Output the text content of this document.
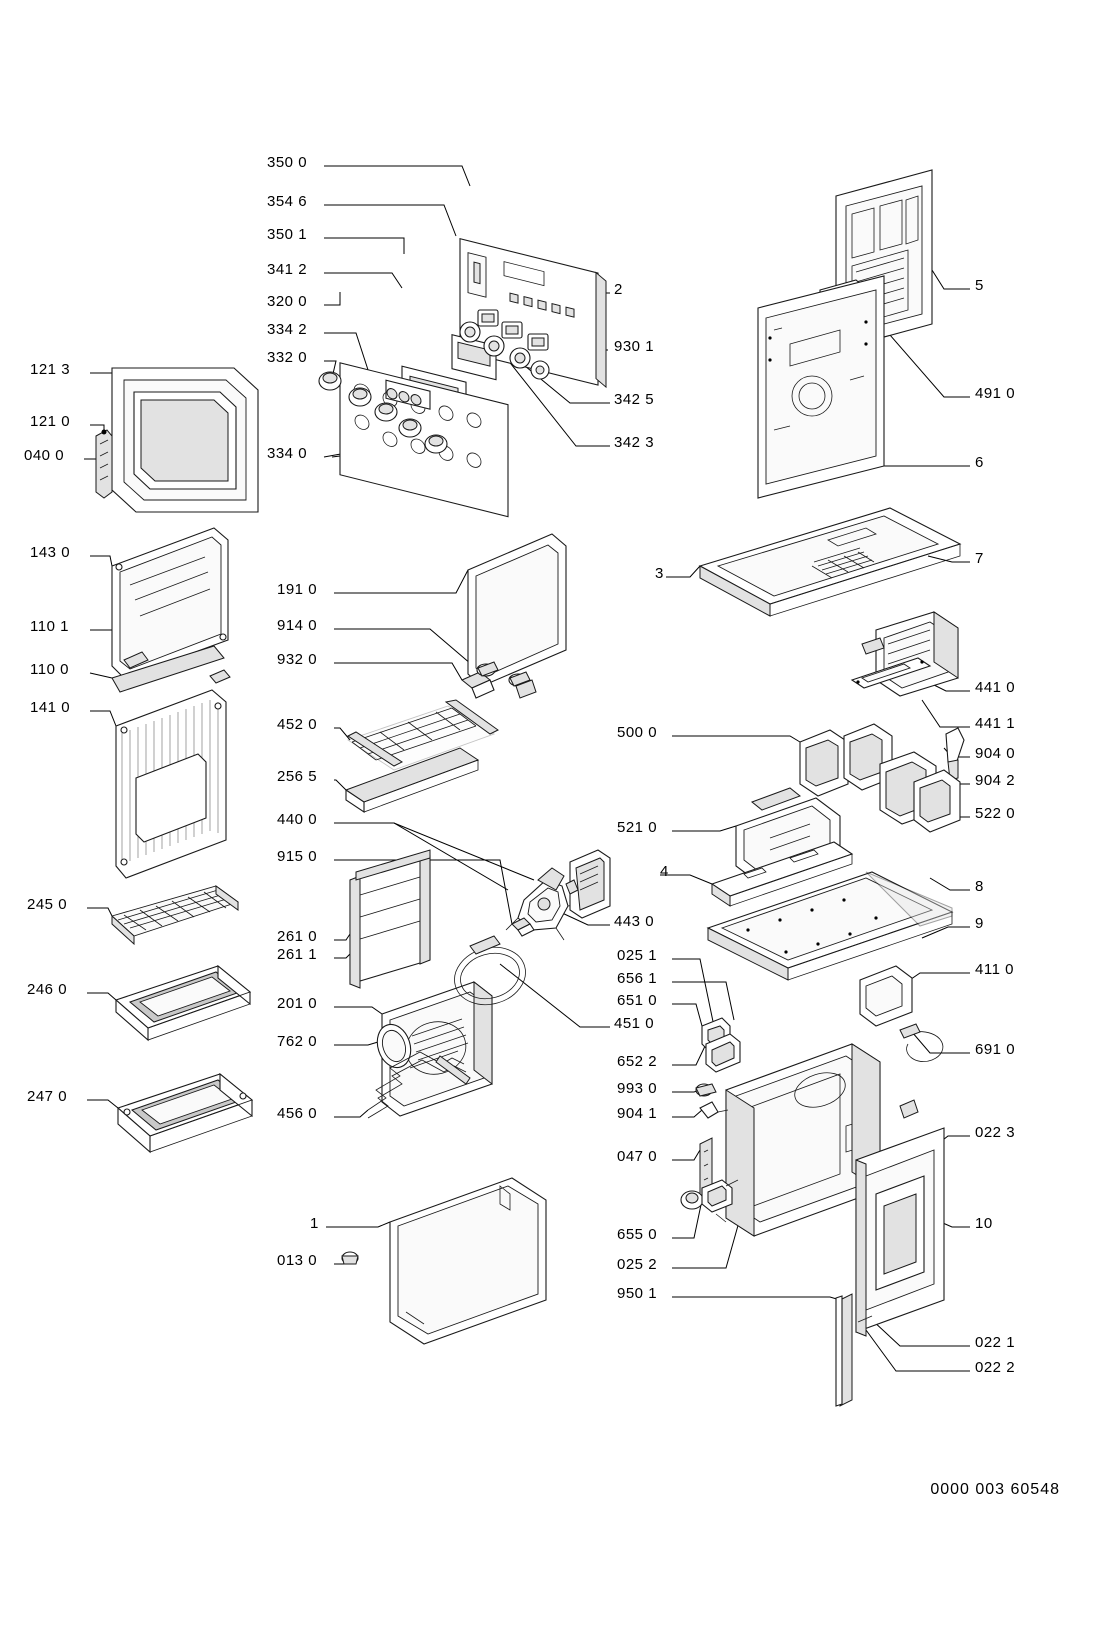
121 3
121 0
040 0
143 0
110 1
110 0
141 0
245 0
246 0
247 0
350 0
354 6
350 1
341 2
320 0
334 2
332 0
334 0
2
930 1
342 5
342 3
191 0
914 0
932 0
452 0
256 5
440 0
915 0
261 0
261 1
201 0
762 0
456 0
443 0
451 0
1
013 0
500 0
521 0
4
025 1
656 1
651 0
652 2
993 0
904 1
047 0
655 0
025 2
950 1
3
5
491 0
6
7
441 0
441 1
904 0
904 2
522 0
8
9
411 0
691 0
022 3
10
022 1
022 2
0000 003 60548
